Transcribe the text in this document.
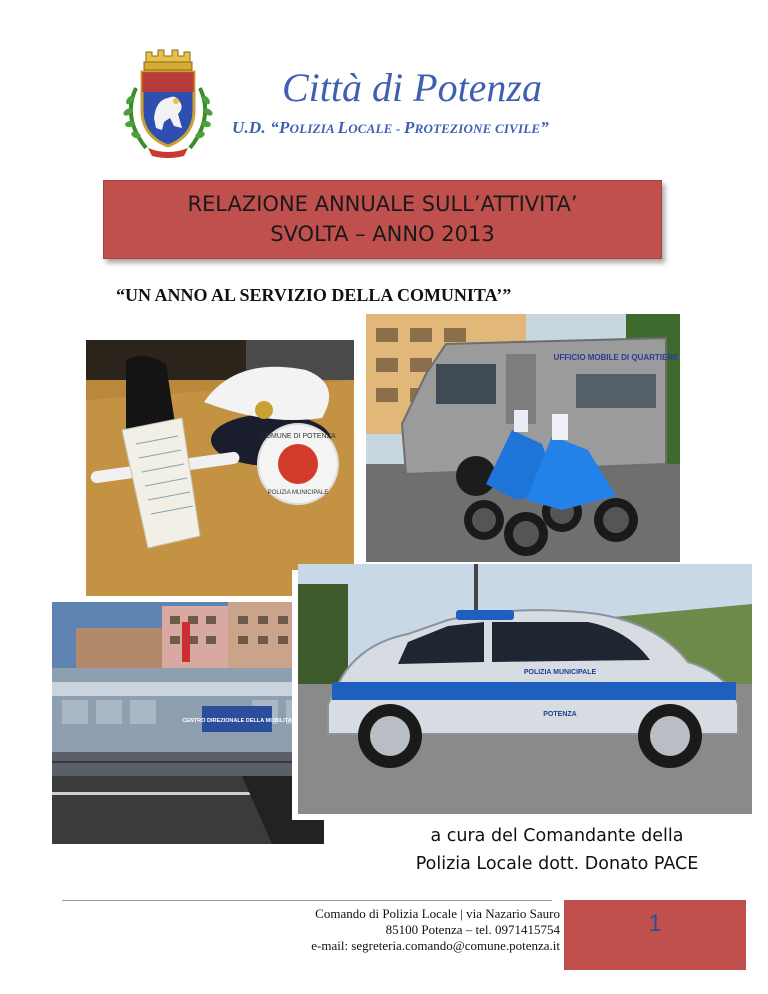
Città di Potenza
U.D. “POLIZIA LOCALE - PROTEZIONE CIVILE”
RELAZIONE ANNUALE SULL’ATTIVITA’
SVOLTA – ANNO 2013
“UN ANNO AL SERVIZIO DELLA COMUNITA’”
COMUNE DI POTENZA
POLIZIA MUNICIPALE
UFFICIO MOBILE DI QUARTIERE
CENTRO DIREZIONALE DELLA MOBILITA
POLIZIA MUNICIPALE
POTENZA
a cura del Comandante della
Polizia Locale dott. Donato PACE
Comando di Polizia Locale | via Nazario Sauro
85100 Potenza – tel. 0971415754
e-mail: segreteria.comando@comune.potenza.it
1
